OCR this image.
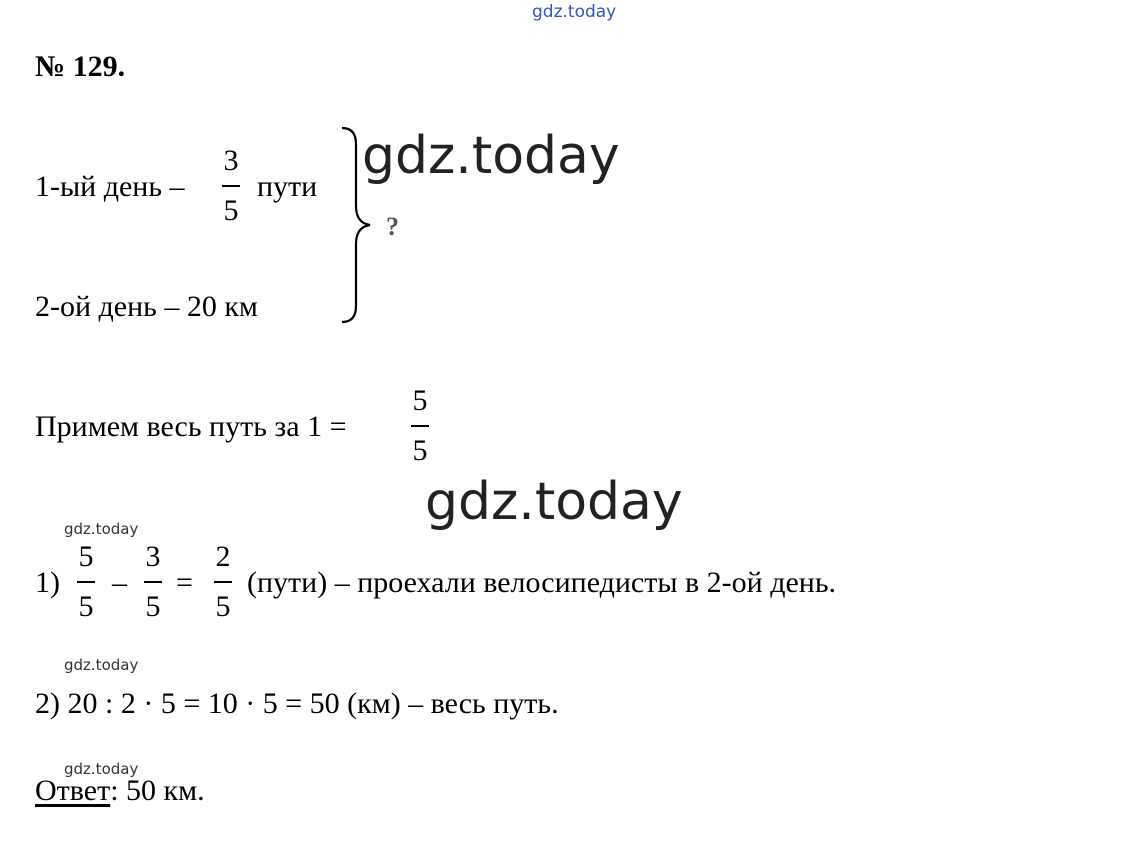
gdz.today
№ 129.
1-ый день –
3
5
пути
2-ой день – 20 км
?
gdz.today
Примем весь путь за 1 =
5
5
gdz.today
gdz.today
1)
5
5
–
3
5
=
2
5
(пути) – проехали велосипедисты в 2-ой день.
gdz.today
2) 20 : 2 · 5 = 10 · 5 = 50 (км) – весь путь.
gdz.today
Ответ: 50 км.
